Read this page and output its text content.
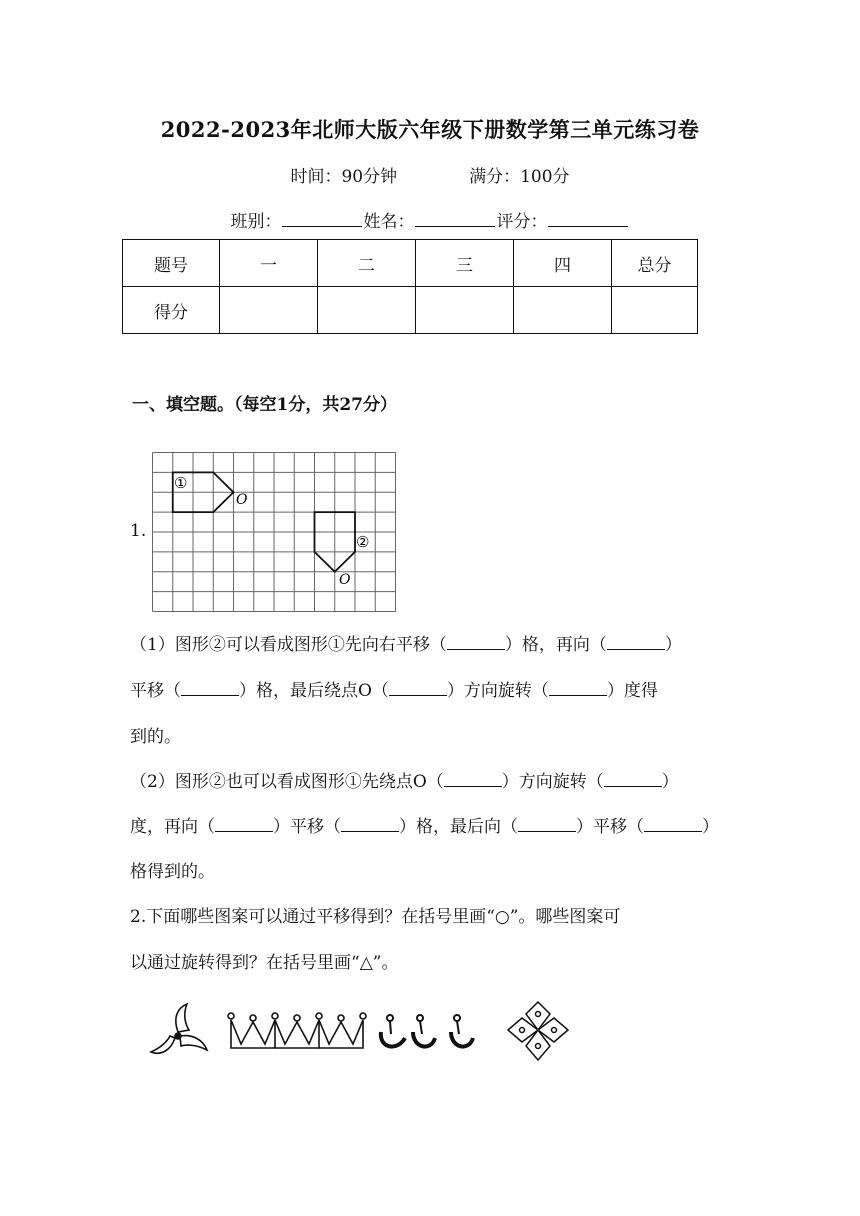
2022-2023年北师大版六年级下册数学第三单元练习卷
时间：90分钟	满分：100分
班别：	姓名：	评分：
题号	一	二	三	四	总分
得分					
一、填空题。（每空1分，共27分）
1.
①
②
O
O
（1）图形②可以看成图形①先向右平移（	）格，再向（	）
平移（	）格，最后绕点O（	）方向旋转（	）度得
到的。
（2）图形②也可以看成图形①先绕点O（	）方向旋转（	）
度，再向（	）平移（	）格，最后向（	）平移（	）
格得到的。
2.下面哪些图案可以通过平移得到？在括号里画“○”。哪些图案可
以通过旋转得到？在括号里画“△”。
